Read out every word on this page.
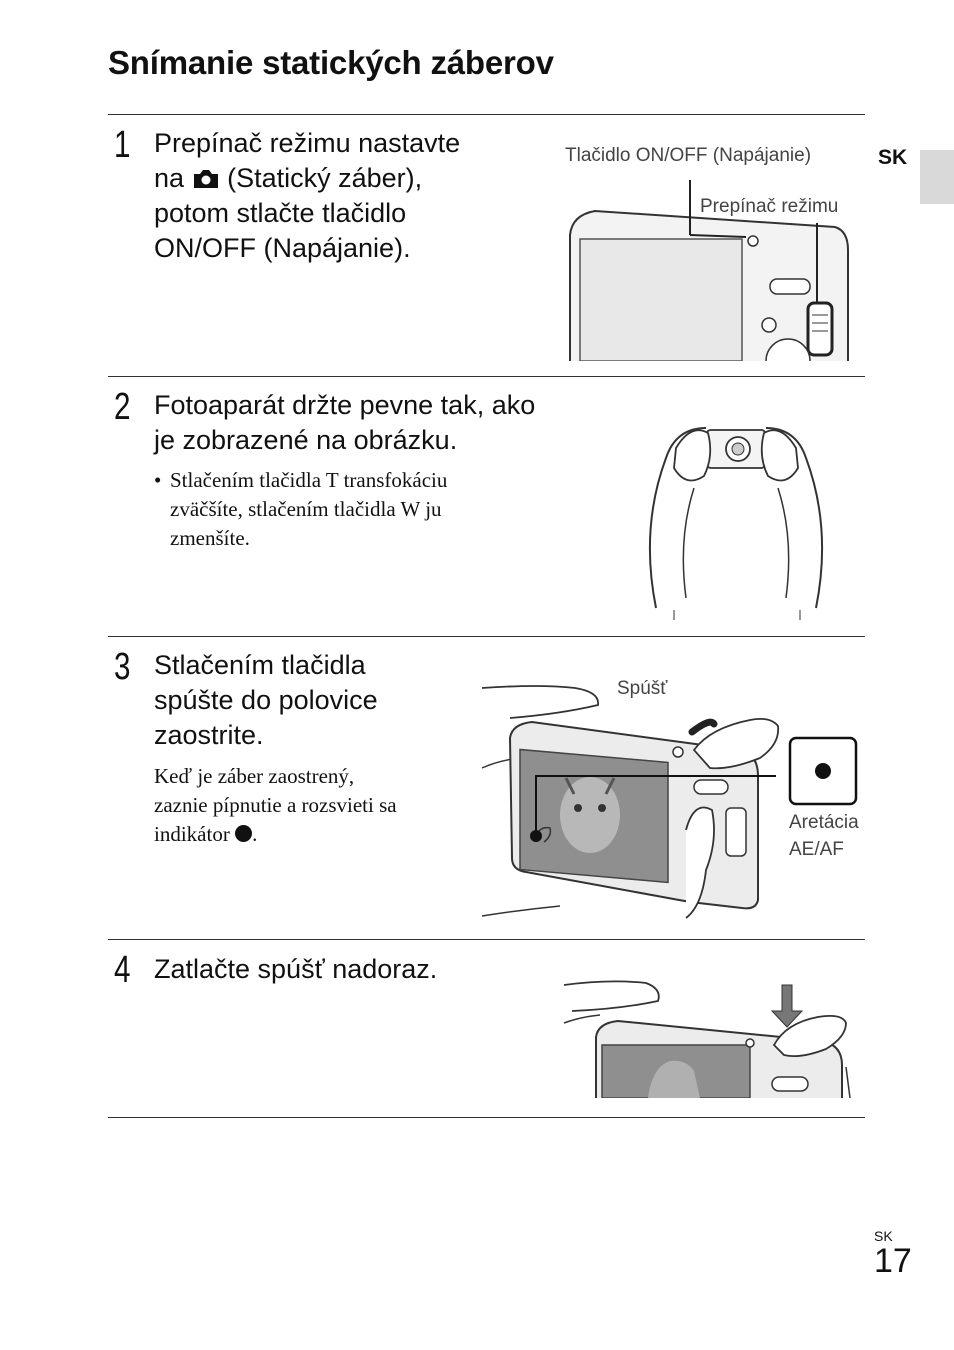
Snímanie statických záberov
SK
1 Prepínač režimu nastavte
na (Statický záber),
potom stlačte tlačidlo
ON/OFF (Napájanie).
Tlačidlo ON/OFF (Napájanie)
Prepínač režimu
2 Fotoaparát držte pevne tak, ako
je zobrazené na obrázku.
• Stlačením tlačidla T transfokáciu
zväčšíte, stlačením tlačidla W ju
zmenšíte.
3 Stlačením tlačidla
spúšte do polovice
zaostrite.
Keď je záber zaostrený,
zaznie pípnutie a rozsvieti sa
indikátor .
Spúšť
Aretácia
AE/AF
4 Zatlačte spúšť nadoraz.
SK
17
